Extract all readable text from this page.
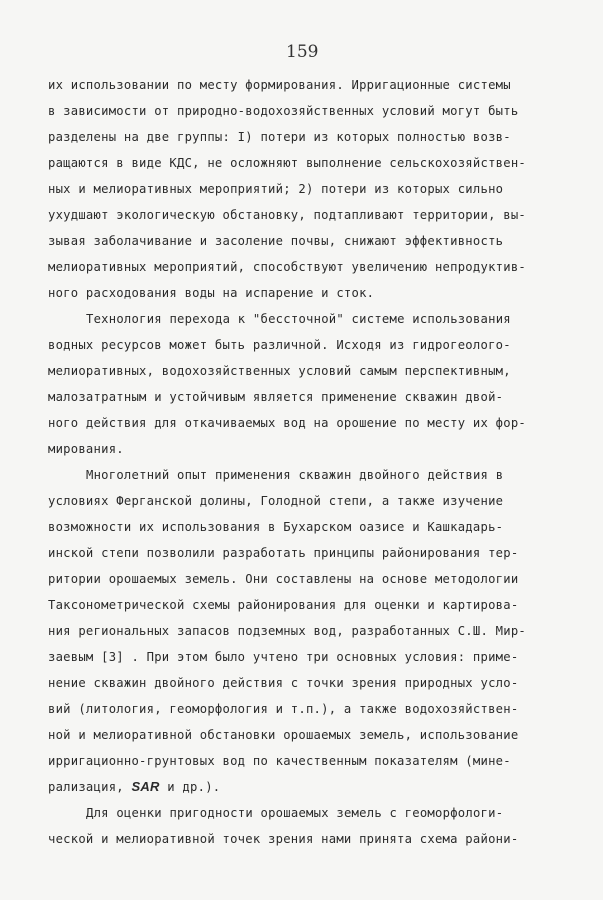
159
их использовании по месту формирования. Ирригационные системы
в зависимости от природно-водохозяйственных условий могут быть
разделены на две группы: I) потери из которых полностью возв-
ращаются в виде КДС, не осложняют выполнение сельскохозяйствен-
ных и мелиоративных мероприятий; 2) потери из которых сильно
ухудшают экологическую обстановку, подтапливают территории, вы-
зывая заболачивание и засоление почвы, снижают эффективность
мелиоративных мероприятий, способствуют увеличению непродуктив-
ного расходования воды на испарение и сток.
Технология перехода к "бессточной" системе использования
водных ресурсов может быть различной. Исходя из гидрогеолого-
мелиоративных, водохозяйственных условий самым перспективным,
малозатратным и устойчивым является применение скважин двой-
ного действия для откачиваемых вод на орошение по месту их фор-
мирования.
Многолетний опыт применения скважин двойного действия в
условиях Ферганской долины, Голодной степи, а также изучение
возможности их использования в Бухарском оазисе и Кашкадарь-
инской степи позволили разработать принципы районирования тер-
ритории орошаемых земель. Они составлены на основе методологии
Таксонометрической схемы районирования для оценки и картирова-
ния региональных запасов подземных вод, разработанных С.Ш. Мир-
заевым [3] . При этом было учтено три основных условия: приме-
нение скважин двойного действия с точки зрения природных усло-
вий (литология, геоморфология и т.п.), а также водохозяйствен-
ной и мелиоративной обстановки орошаемых земель, использование
ирригационно-грунтовых вод по качественным показателям (мине-
рализация, SAR и др.).
Для оценки пригодности орошаемых земель с геоморфологи-
ческой и мелиоративной точек зрения нами принята схема райони-
